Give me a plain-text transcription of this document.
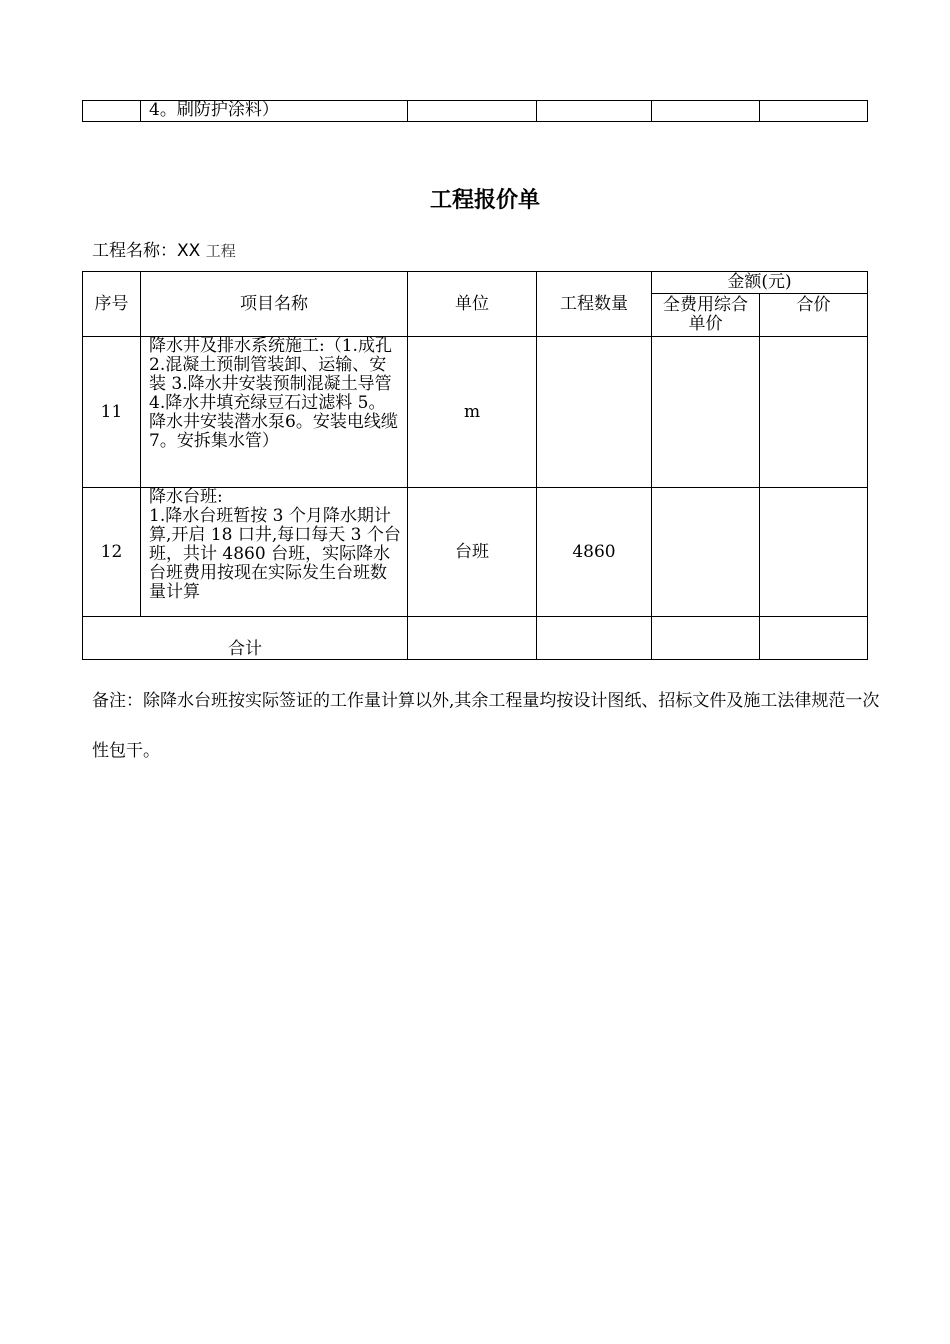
	4。刷防护涂料）				
工程报价单
工程名称：XX 工程
序号	项目名称	单位	工程数量	金额(元)	
				全费用综合单价	合价
11	降水井及排水系统施工:（1.成孔 2.混凝土预制管装卸、运输、安装 3.降水井安装预制混凝土导管 4.降水井填充绿豆石过滤料 5。降水井安装潜水泵6。安装电线缆 7。安拆集水管）	m			
12	降水台班:
1.降水台班暂按 3 个月降水期计算,开启 18 口井,每口每天 3 个台班，共计 4860 台班，实际降水台班费用按现在实际发生台班数量计算	台班	4860		
合计					
备注：除降水台班按实际签证的工作量计算以外,其余工程量均按设计图纸、招标文件及施工法律规范一次性包干。
